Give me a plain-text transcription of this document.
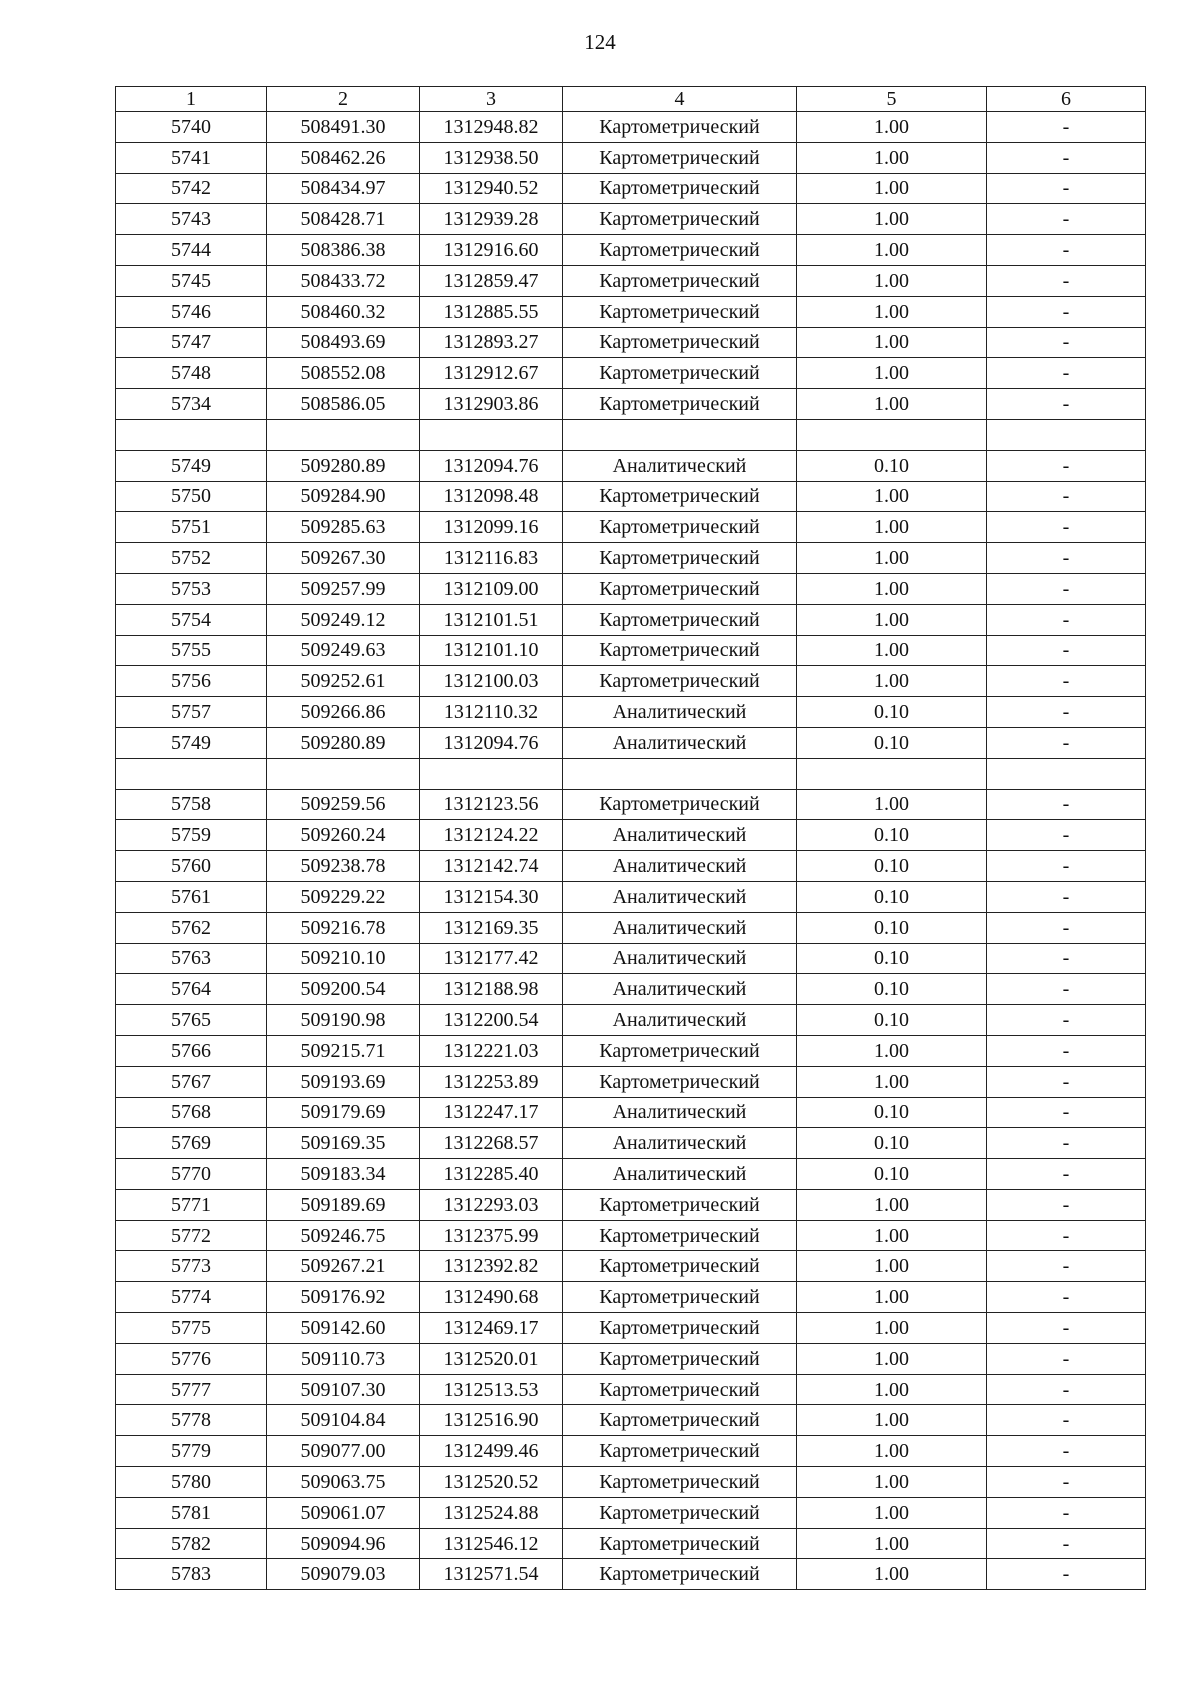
124
1	2	3	4	5	6
5740	508491.30	1312948.82	Картометрический	1.00	-
5741	508462.26	1312938.50	Картометрический	1.00	-
5742	508434.97	1312940.52	Картометрический	1.00	-
5743	508428.71	1312939.28	Картометрический	1.00	-
5744	508386.38	1312916.60	Картометрический	1.00	-
5745	508433.72	1312859.47	Картометрический	1.00	-
5746	508460.32	1312885.55	Картометрический	1.00	-
5747	508493.69	1312893.27	Картометрический	1.00	-
5748	508552.08	1312912.67	Картометрический	1.00	-
5734	508586.05	1312903.86	Картометрический	1.00	-

5749	509280.89	1312094.76	Аналитический	0.10	-
5750	509284.90	1312098.48	Картометрический	1.00	-
5751	509285.63	1312099.16	Картометрический	1.00	-
5752	509267.30	1312116.83	Картометрический	1.00	-
5753	509257.99	1312109.00	Картометрический	1.00	-
5754	509249.12	1312101.51	Картометрический	1.00	-
5755	509249.63	1312101.10	Картометрический	1.00	-
5756	509252.61	1312100.03	Картометрический	1.00	-
5757	509266.86	1312110.32	Аналитический	0.10	-
5749	509280.89	1312094.76	Аналитический	0.10	-

5758	509259.56	1312123.56	Картометрический	1.00	-
5759	509260.24	1312124.22	Аналитический	0.10	-
5760	509238.78	1312142.74	Аналитический	0.10	-
5761	509229.22	1312154.30	Аналитический	0.10	-
5762	509216.78	1312169.35	Аналитический	0.10	-
5763	509210.10	1312177.42	Аналитический	0.10	-
5764	509200.54	1312188.98	Аналитический	0.10	-
5765	509190.98	1312200.54	Аналитический	0.10	-
5766	509215.71	1312221.03	Картометрический	1.00	-
5767	509193.69	1312253.89	Картометрический	1.00	-
5768	509179.69	1312247.17	Аналитический	0.10	-
5769	509169.35	1312268.57	Аналитический	0.10	-
5770	509183.34	1312285.40	Аналитический	0.10	-
5771	509189.69	1312293.03	Картометрический	1.00	-
5772	509246.75	1312375.99	Картометрический	1.00	-
5773	509267.21	1312392.82	Картометрический	1.00	-
5774	509176.92	1312490.68	Картометрический	1.00	-
5775	509142.60	1312469.17	Картометрический	1.00	-
5776	509110.73	1312520.01	Картометрический	1.00	-
5777	509107.30	1312513.53	Картометрический	1.00	-
5778	509104.84	1312516.90	Картометрический	1.00	-
5779	509077.00	1312499.46	Картометрический	1.00	-
5780	509063.75	1312520.52	Картометрический	1.00	-
5781	509061.07	1312524.88	Картометрический	1.00	-
5782	509094.96	1312546.12	Картометрический	1.00	-
5783	509079.03	1312571.54	Картометрический	1.00	-
